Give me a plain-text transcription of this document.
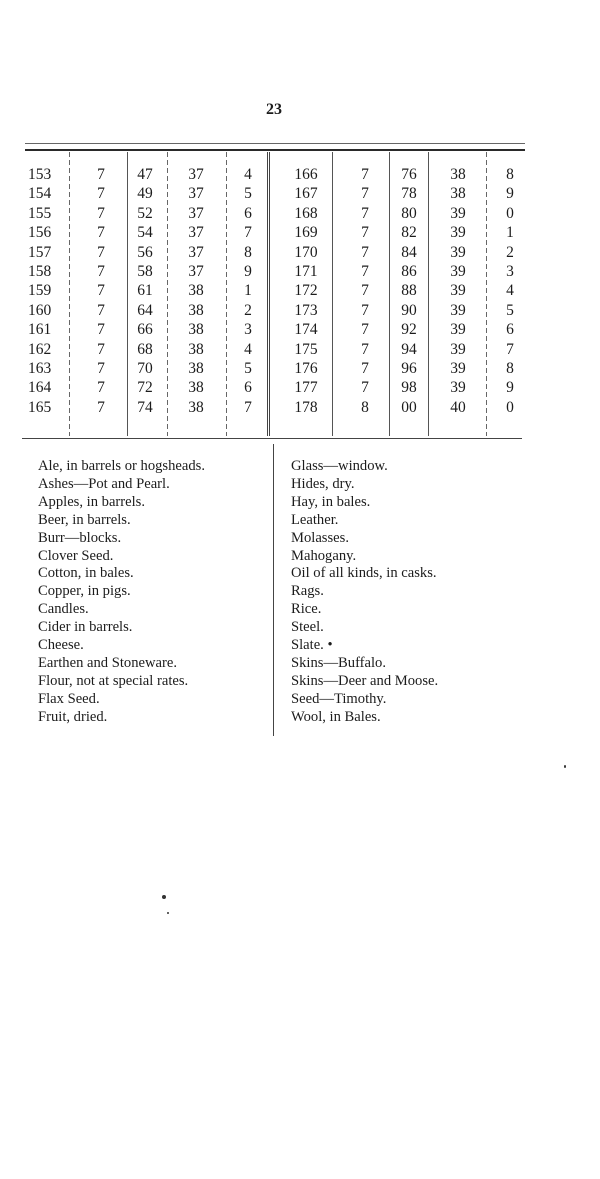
23
153	7	47	37	4	166	7	76	38	8
154	7	49	37	5	167	7	78	38	9
155	7	52	37	6	168	7	80	39	0
156	7	54	37	7	169	7	82	39	1
157	7	56	37	8	170	7	84	39	2
158	7	58	37	9	171	7	86	39	3
159	7	61	38	1	172	7	88	39	4
160	7	64	38	2	173	7	90	39	5
161	7	66	38	3	174	7	92	39	6
162	7	68	38	4	175	7	94	39	7
163	7	70	38	5	176	7	96	39	8
164	7	72	38	6	177	7	98	39	9
165	7	74	38	7	178	8	00	40	0
Ale, in barrels or hogsheads.
Ashes—Pot and Pearl.
Apples, in barrels.
Beer, in barrels.
Burr—blocks.
Clover Seed.
Cotton, in bales.
Copper, in pigs.
Candles.
Cider in barrels.
Cheese.
Earthen and Stoneware.
Flour, not at special rates.
Flax Seed.
Fruit, dried.
Glass—window.
Hides, dry.
Hay, in bales.
Leather.
Molasses.
Mahogany.
Oil of all kinds, in casks.
Rags.
Rice.
Steel.
Slate. •
Skins—Buffalo.
Skins—Deer and Moose.
Seed—Timothy.
Wool, in Bales.
